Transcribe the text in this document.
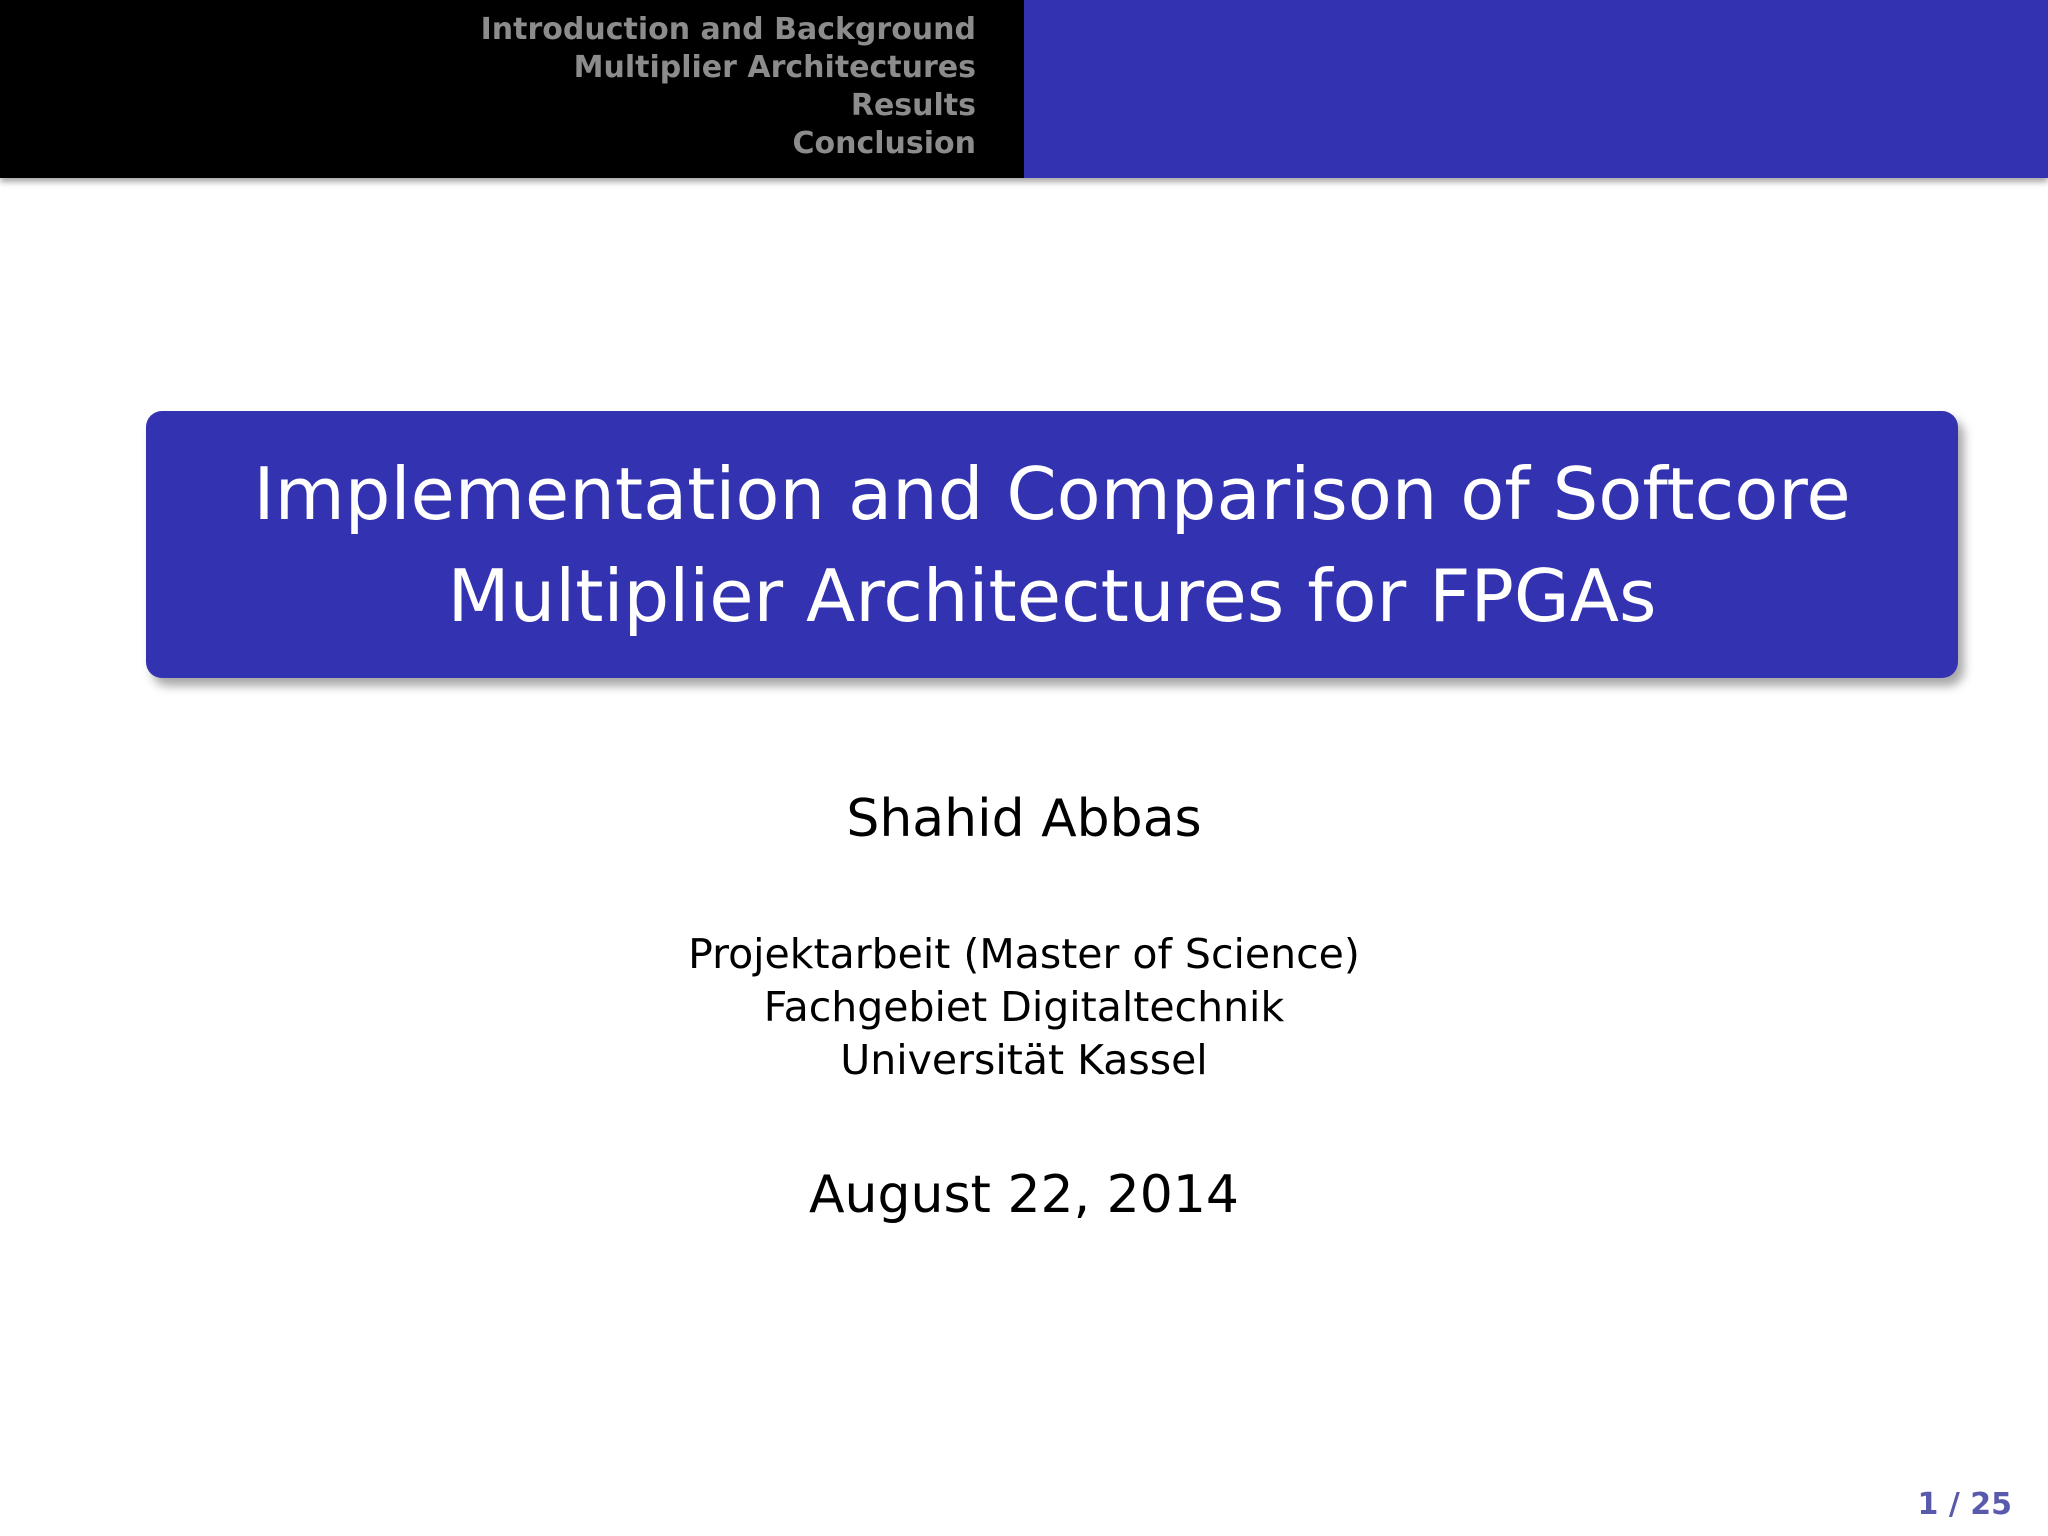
Introduction and Background
Multiplier Architectures
Results
Conclusion
Implementation and Comparison of Softcore
Multiplier Architectures for FPGAs
Shahid Abbas
Projektarbeit (Master of Science)
Fachgebiet Digitaltechnik
Universität Kassel
August 22, 2014
1 / 25
